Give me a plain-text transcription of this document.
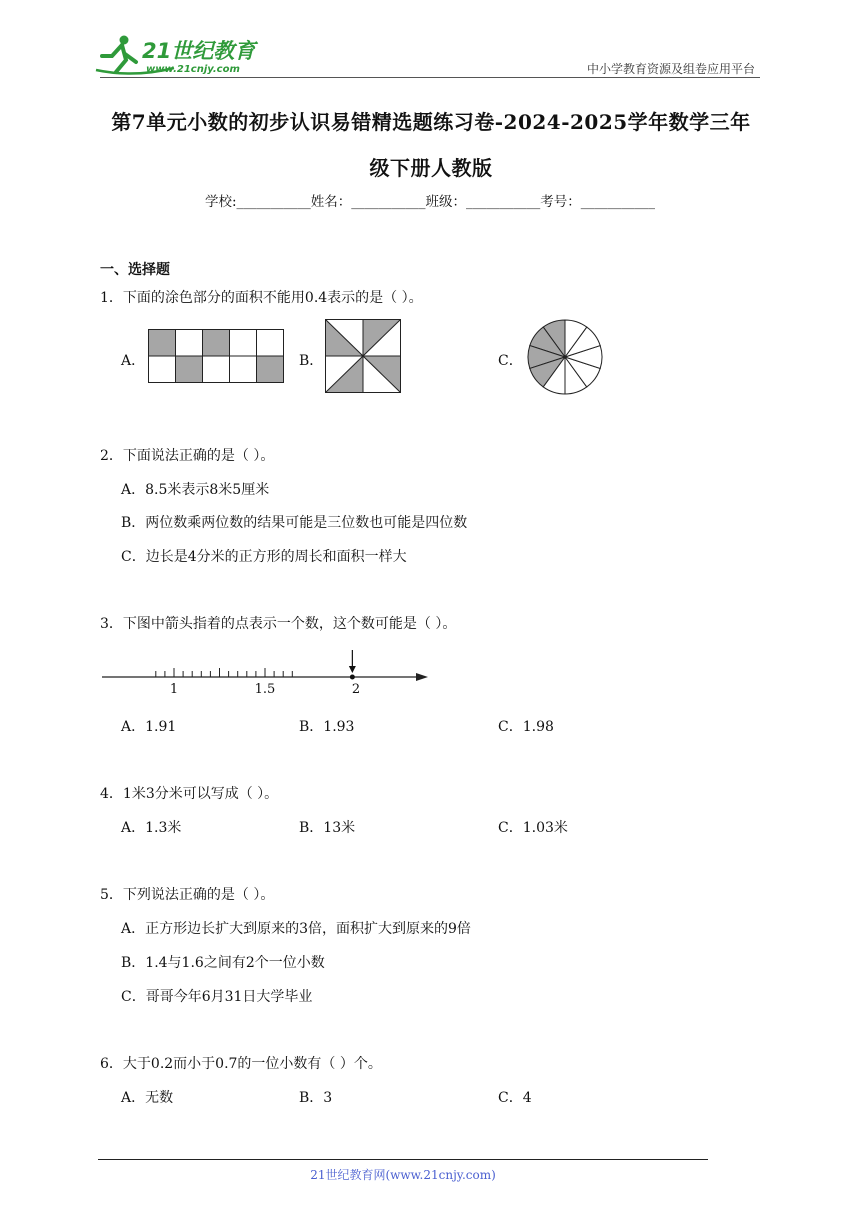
21世纪教育
www.21cnjy.com	中小学教育资源及组卷应用平台
第7单元小数的初步认识易错精选题练习卷-2024-2025学年数学三年
级下册人教版
学校:___________姓名：___________班级：___________考号：___________
一、选择题
1．下面的涂色部分的面积不能用0.4表示的是（ ）。
A．	B．	C．
2．下面说法正确的是（ ）。
A．8.5米表示8米5厘米
B．两位数乘两位数的结果可能是三位数也可能是四位数
C．边长是4分米的正方形的周长和面积一样大
3．下图中箭头指着的点表示一个数，这个数可能是（ ）。
1	1.5	2
A．1.91	B．1.93	C．1.98
4．1米3分米可以写成（ ）。
A．1.3米	B．13米	C．1.03米
5．下列说法正确的是（ ）。
A．正方形边长扩大到原来的3倍，面积扩大到原来的9倍
B．1.4与1.6之间有2个一位小数
C．哥哥今年6月31日大学毕业
6．大于0.2而小于0.7的一位小数有（ ）个。
A．无数	B．3	C．4
21世纪教育网(www.21cnjy.com)
